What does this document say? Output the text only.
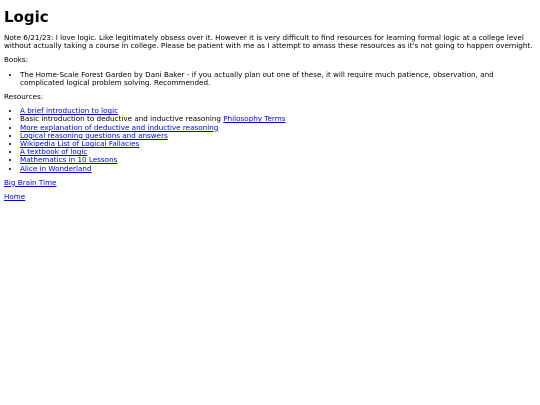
Logic

Note 6/21/23: I love logic. Like legitimately obsess over it. However it is very difficult to find resources for learning formal logic at a college level without actually taking a course in college. Please be patient with me as I attempt to amass these resources as it's not going to happen overnight.

Books:

• The Home-Scale Forest Garden by Dani Baker - if you actually plan out one of these, it will require much patience, observation, and complicated logical problem solving. Recommended.

Resources:

• A brief introduction to logic
• Basic introduction to deductive and inductive reasoning Philosophy Terms
• More explanation of deductive and inductive reasoning
• Logical reasoning questions and answers
• Wikipedia List of Logical Fallacies
• A textbook of logic
• Mathematics in 10 Lessons
• Alice in Wonderland

Big Brain Time

Home
